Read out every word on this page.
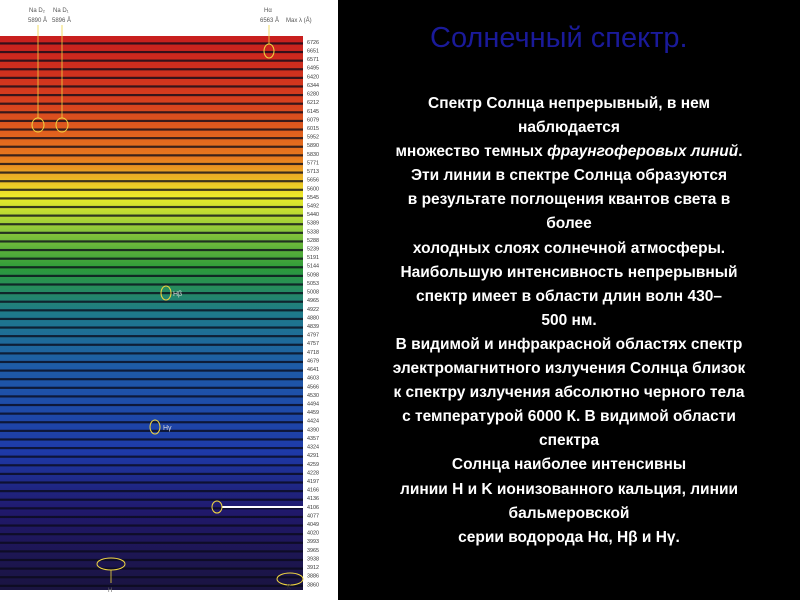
6726
6651
6571
6495
6420
6344
6280
6212
6145
6079
6015
5952
5890
5830
5771
5713
5656
5600
5545
5492
5440
5389
5338
5288
5239
5191
5144
5098
5053
5008
4965
4922
4880
4839
4797
4757
4718
4679
4641
4603
4566
4530
4494
4459
4424
4390
4357
4324
4291
4259
4228
4197
4166
4136
4106
4077
4049
4020
3993
3965
3938
3912
3886
3860
Na D₂
5890 Å
Na D₁
5896 Å
Hα
6563 Å Max λ (Å)
Hβ
Hγ
H	K
Солнечный спектр.
Спектр Солнца непрерывный, в нем
наблюдается
множество темных фраунгоферовых линий.
Эти линии в спектре Солнца образуются
в результате поглощения квантов света в
более
холодных слоях солнечной атмосферы.
Наибольшую интенсивность непрерывный
спектр имеет в области длин волн 430–
500 нм.
В видимой и инфракрасной областях спектр
электромагнитного излучения Солнца близок
к спектру излучения абсолютно черного тела
с температурой 6000 К. В видимой области
спектра
Солнца наиболее интенсивны
линии H и K ионизованного кальция, линии
бальмеровской
серии водорода Hα, Hβ и Hγ.
